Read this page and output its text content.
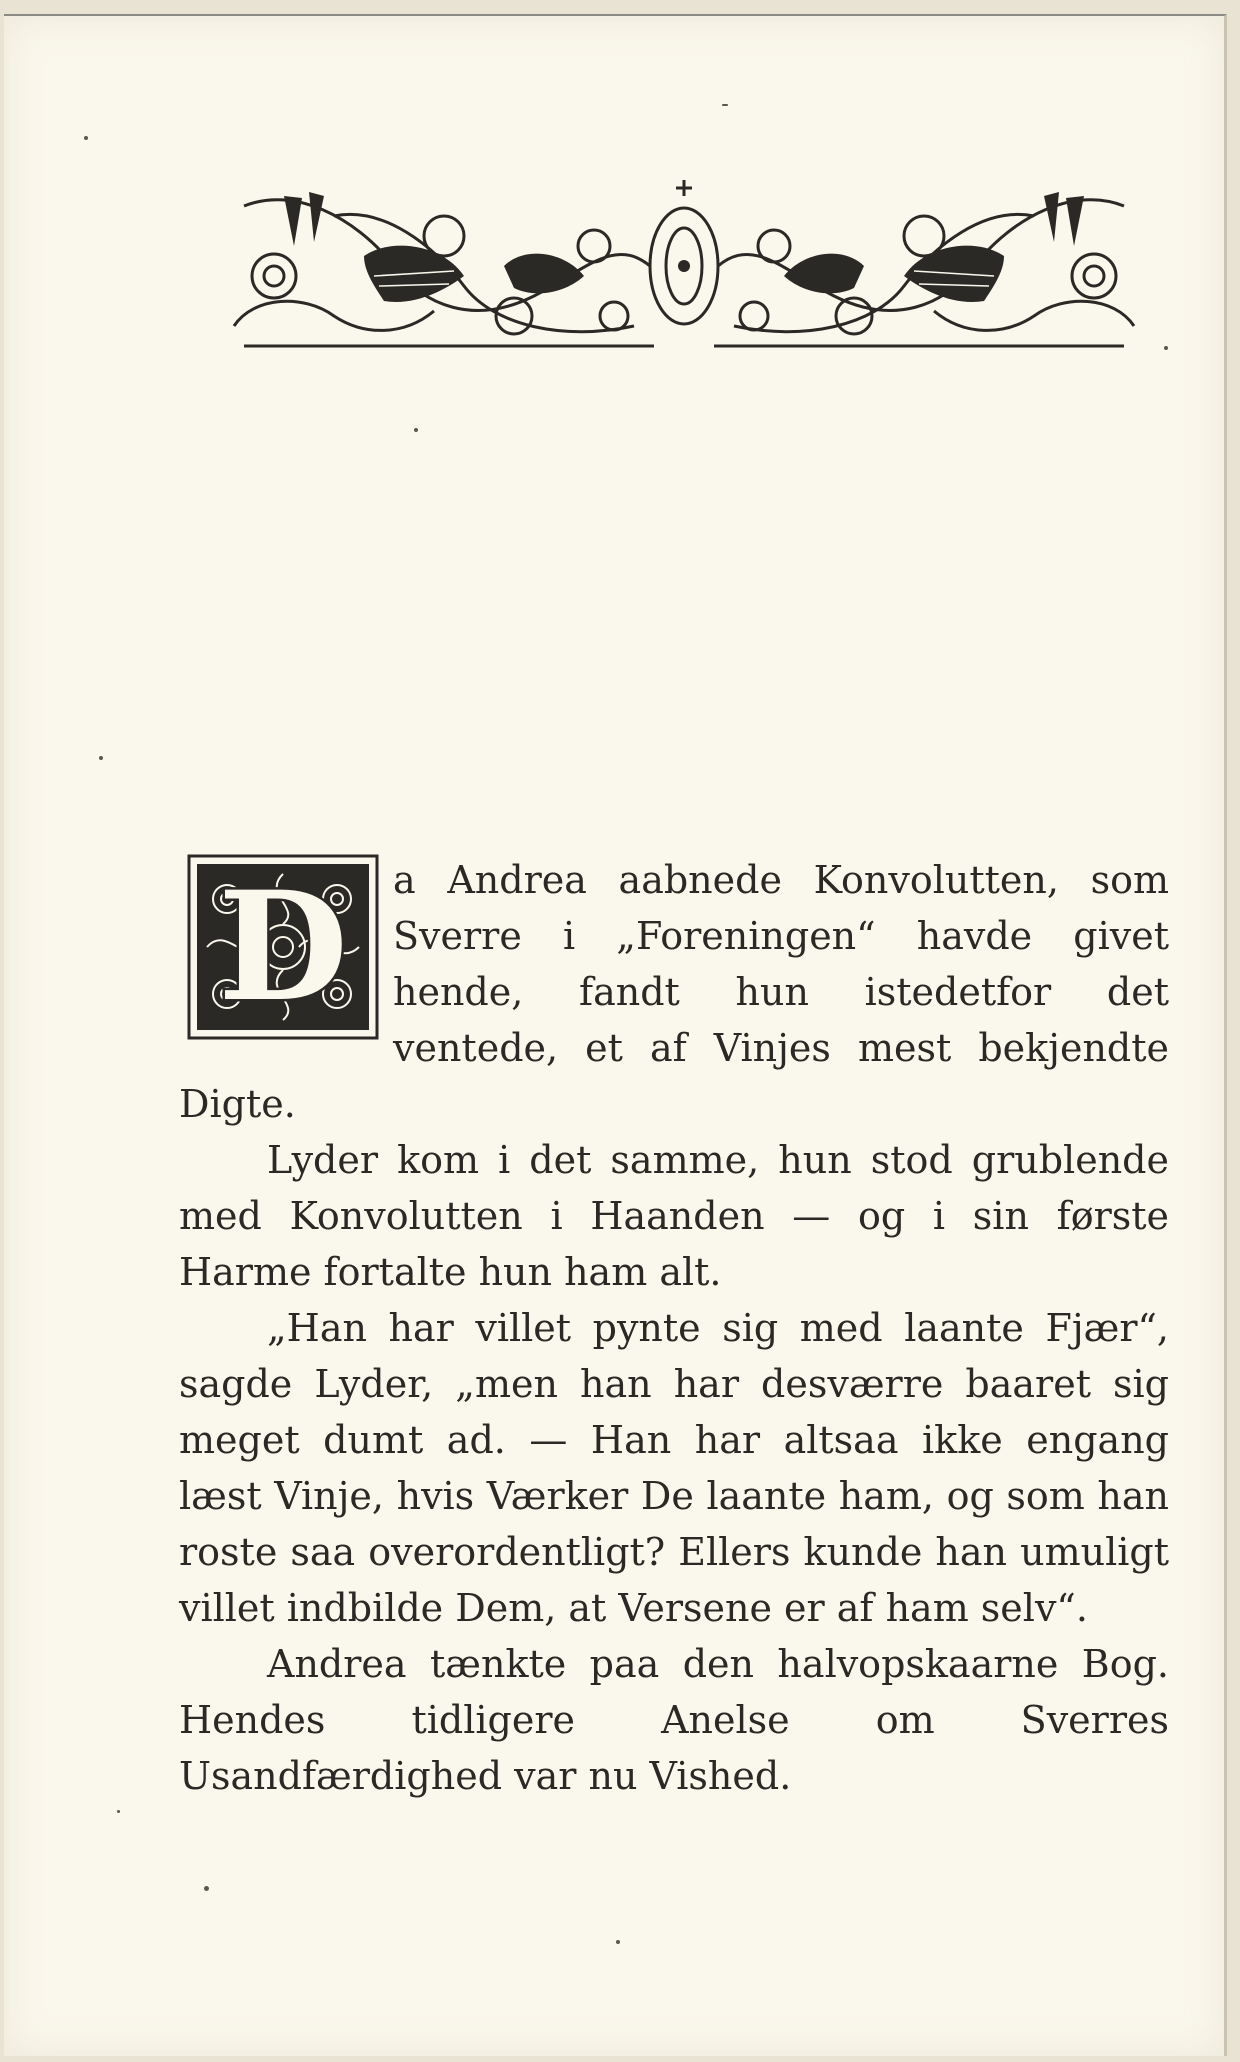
D	a Andrea aabnede Konvolutten, som Sverre i „Foreningen“ havde givet hende, fandt hun istedetfor det ventede, et af Vinjes mest bekjendte Digte.

Lyder kom i det samme, hun stod grublende med Konvolutten i Haanden — og i sin første Harme fortalte hun ham alt.

„Han har villet pynte sig med laante Fjær“, sagde Lyder, „men han har desværre baaret sig meget dumt ad. — Han har altsaa ikke engang læst Vinje, hvis Værker De laante ham, og som han roste saa overordentligt? Ellers kunde han umuligt villet indbilde Dem, at Versene er af ham selv“.

Andrea tænkte paa den halvopskaarne Bog. Hendes tidligere Anelse om Sverres Usandfærdighed var nu Vished.
